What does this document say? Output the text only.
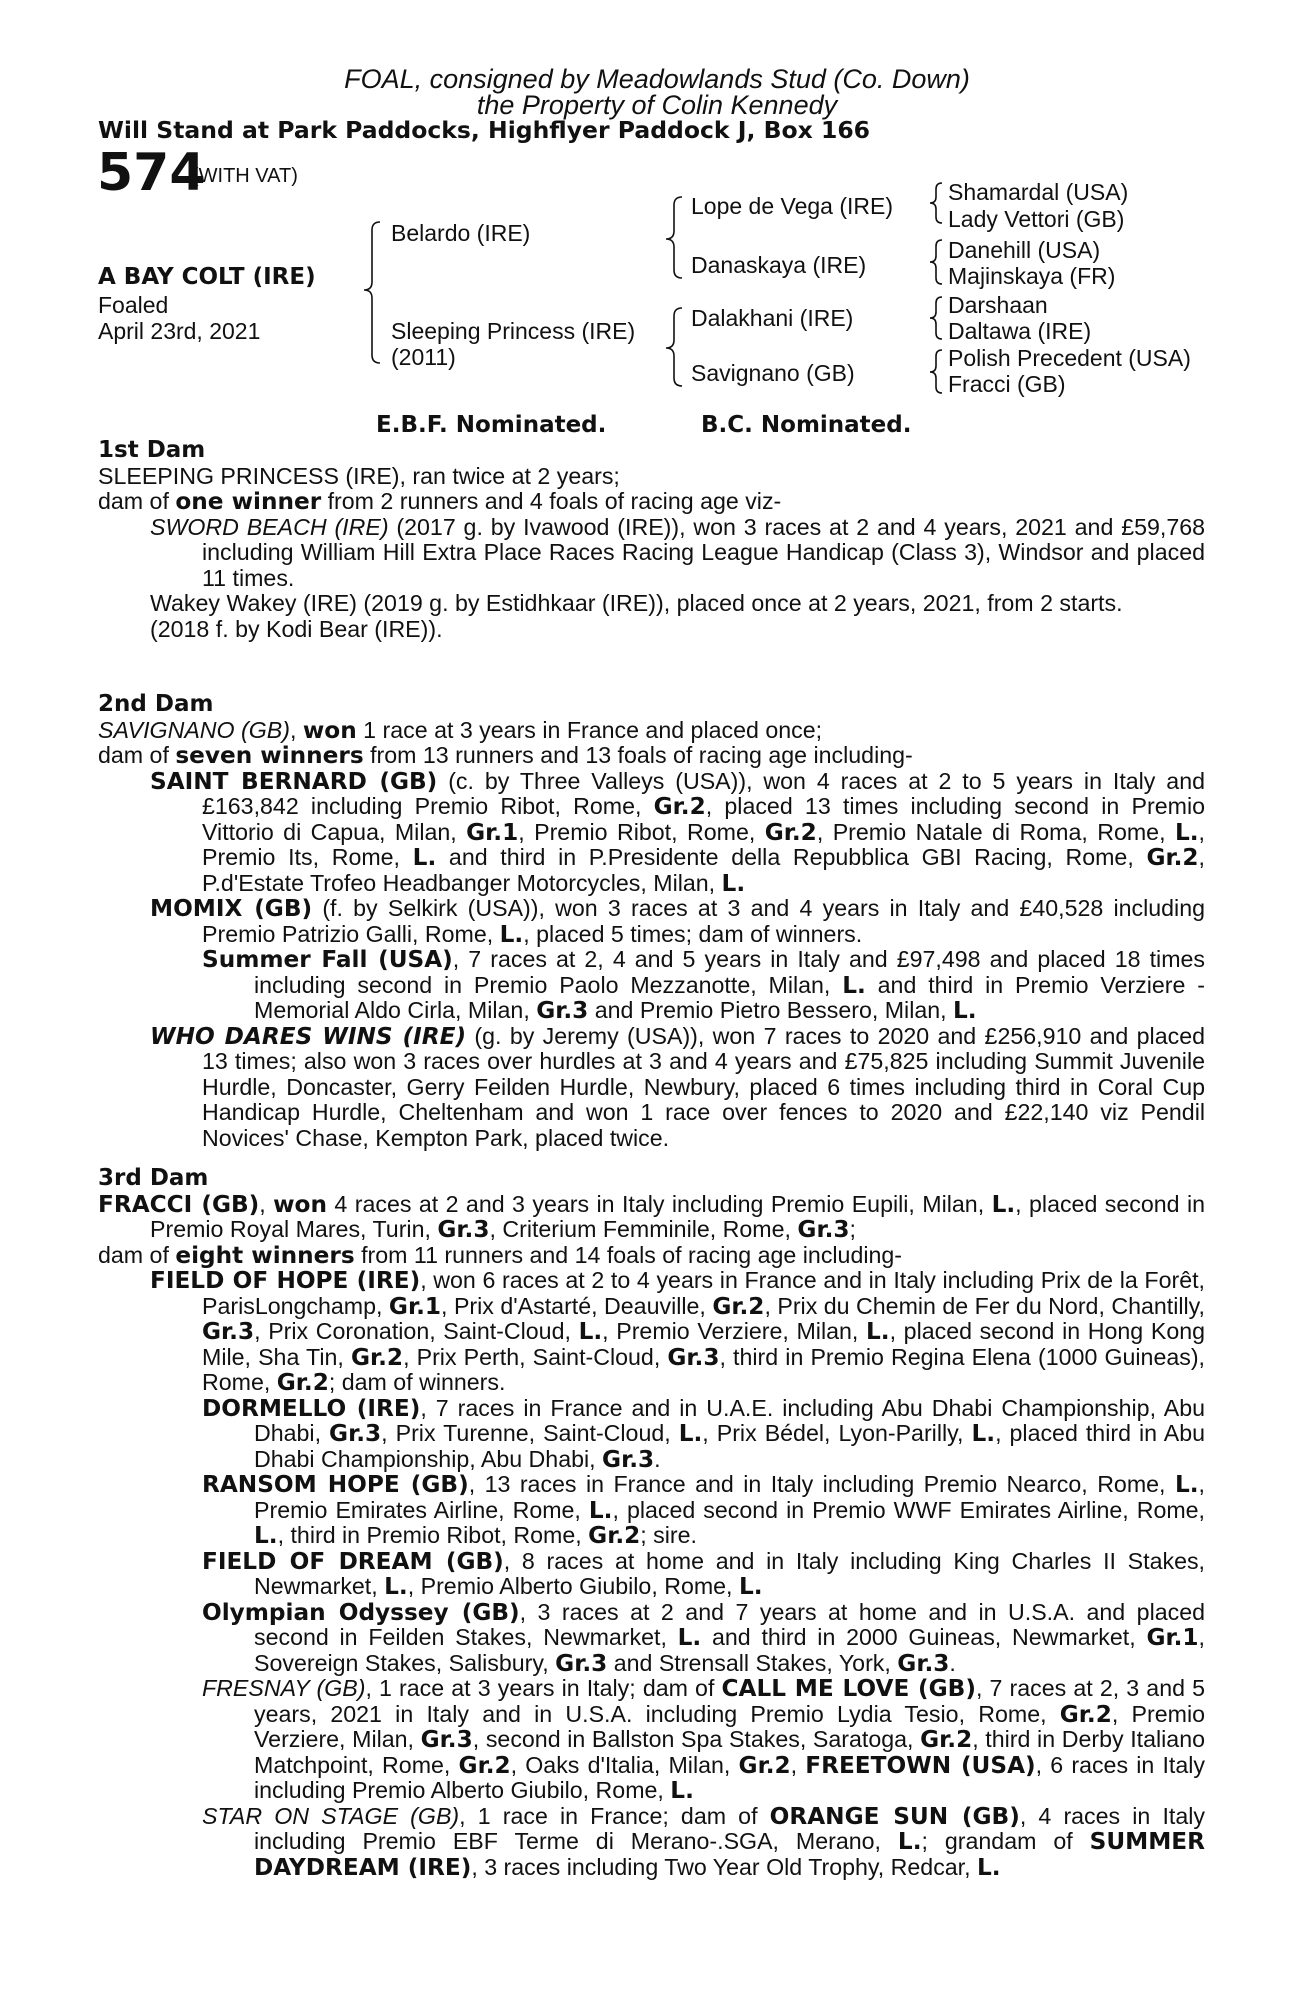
FOAL, consigned by Meadowlands Stud (Co. Down)
the Property of Colin Kennedy
Will Stand at Park Paddocks, Highflyer Paddock J, Box 166
574
(WITH VAT)
A BAY COLT (IRE)
Foaled
April 23rd, 2021
Belardo (IRE)
Sleeping Princess (IRE)
(2011)
Lope de Vega (IRE)
Danaskaya (IRE)
Dalakhani (IRE)
Savignano (GB)
Shamardal (USA)
Lady Vettori (GB)
Danehill (USA)
Majinskaya (FR)
Darshaan
Daltawa (IRE)
Polish Precedent (USA)
Fracci (GB)
E.B.F. Nominated.	B.C. Nominated.
1st Dam
SLEEPING PRINCESS (IRE), ran twice at 2 years;
dam of one winner from 2 runners and 4 foals of racing age viz-
SWORD BEACH (IRE) (2017 g. by Ivawood (IRE)), won 3 races at 2 and 4 years, 2021 and £59,768 including William Hill Extra Place Races Racing League Handicap (Class 3), Windsor and placed 11 times.
Wakey Wakey (IRE) (2019 g. by Estidhkaar (IRE)), placed once at 2 years, 2021, from 2 starts.
(2018 f. by Kodi Bear (IRE)).
2nd Dam
SAVIGNANO (GB), won 1 race at 3 years in France and placed once;
dam of seven winners from 13 runners and 13 foals of racing age including-
SAINT BERNARD (GB) (c. by Three Valleys (USA)), won 4 races at 2 to 5 years in Italy and £163,842 including Premio Ribot, Rome, Gr.2, placed 13 times including second in Premio Vittorio di Capua, Milan, Gr.1, Premio Ribot, Rome, Gr.2, Premio Natale di Roma, Rome, L., Premio Its, Rome, L. and third in P.Presidente della Repubblica GBI Racing, Rome, Gr.2, P.d'Estate Trofeo Headbanger Motorcycles, Milan, L.
MOMIX (GB) (f. by Selkirk (USA)), won 3 races at 3 and 4 years in Italy and £40,528 including Premio Patrizio Galli, Rome, L., placed 5 times; dam of winners.
Summer Fall (USA), 7 races at 2, 4 and 5 years in Italy and £97,498 and placed 18 times including second in Premio Paolo Mezzanotte, Milan, L. and third in Premio Verziere - Memorial Aldo Cirla, Milan, Gr.3 and Premio Pietro Bessero, Milan, L.
WHO DARES WINS (IRE) (g. by Jeremy (USA)), won 7 races to 2020 and £256,910 and placed 13 times; also won 3 races over hurdles at 3 and 4 years and £75,825 including Summit Juvenile Hurdle, Doncaster, Gerry Feilden Hurdle, Newbury, placed 6 times including third in Coral Cup Handicap Hurdle, Cheltenham and won 1 race over fences to 2020 and £22,140 viz Pendil Novices' Chase, Kempton Park, placed twice.
3rd Dam
FRACCI (GB), won 4 races at 2 and 3 years in Italy including Premio Eupili, Milan, L., placed second in Premio Royal Mares, Turin, Gr.3, Criterium Femminile, Rome, Gr.3;
dam of eight winners from 11 runners and 14 foals of racing age including-
FIELD OF HOPE (IRE), won 6 races at 2 to 4 years in France and in Italy including Prix de la Forêt, ParisLongchamp, Gr.1, Prix d'Astarté, Deauville, Gr.2, Prix du Chemin de Fer du Nord, Chantilly, Gr.3, Prix Coronation, Saint-Cloud, L., Premio Verziere, Milan, L., placed second in Hong Kong Mile, Sha Tin, Gr.2, Prix Perth, Saint-Cloud, Gr.3, third in Premio Regina Elena (1000 Guineas), Rome, Gr.2; dam of winners.
DORMELLO (IRE), 7 races in France and in U.A.E. including Abu Dhabi Championship, Abu Dhabi, Gr.3, Prix Turenne, Saint-Cloud, L., Prix Bédel, Lyon-Parilly, L., placed third in Abu Dhabi Championship, Abu Dhabi, Gr.3.
RANSOM HOPE (GB), 13 races in France and in Italy including Premio Nearco, Rome, L., Premio Emirates Airline, Rome, L., placed second in Premio WWF Emirates Airline, Rome, L., third in Premio Ribot, Rome, Gr.2; sire.
FIELD OF DREAM (GB), 8 races at home and in Italy including King Charles II Stakes, Newmarket, L., Premio Alberto Giubilo, Rome, L.
Olympian Odyssey (GB), 3 races at 2 and 7 years at home and in U.S.A. and placed second in Feilden Stakes, Newmarket, L. and third in 2000 Guineas, Newmarket, Gr.1, Sovereign Stakes, Salisbury, Gr.3 and Strensall Stakes, York, Gr.3.
FRESNAY (GB), 1 race at 3 years in Italy; dam of CALL ME LOVE (GB), 7 races at 2, 3 and 5 years, 2021 in Italy and in U.S.A. including Premio Lydia Tesio, Rome, Gr.2, Premio Verziere, Milan, Gr.3, second in Ballston Spa Stakes, Saratoga, Gr.2, third in Derby Italiano Matchpoint, Rome, Gr.2, Oaks d'Italia, Milan, Gr.2, FREETOWN (USA), 6 races in Italy including Premio Alberto Giubilo, Rome, L.
STAR ON STAGE (GB), 1 race in France; dam of ORANGE SUN (GB), 4 races in Italy including Premio EBF Terme di Merano-.SGA, Merano, L.; grandam of SUMMER DAYDREAM (IRE), 3 races including Two Year Old Trophy, Redcar, L.
